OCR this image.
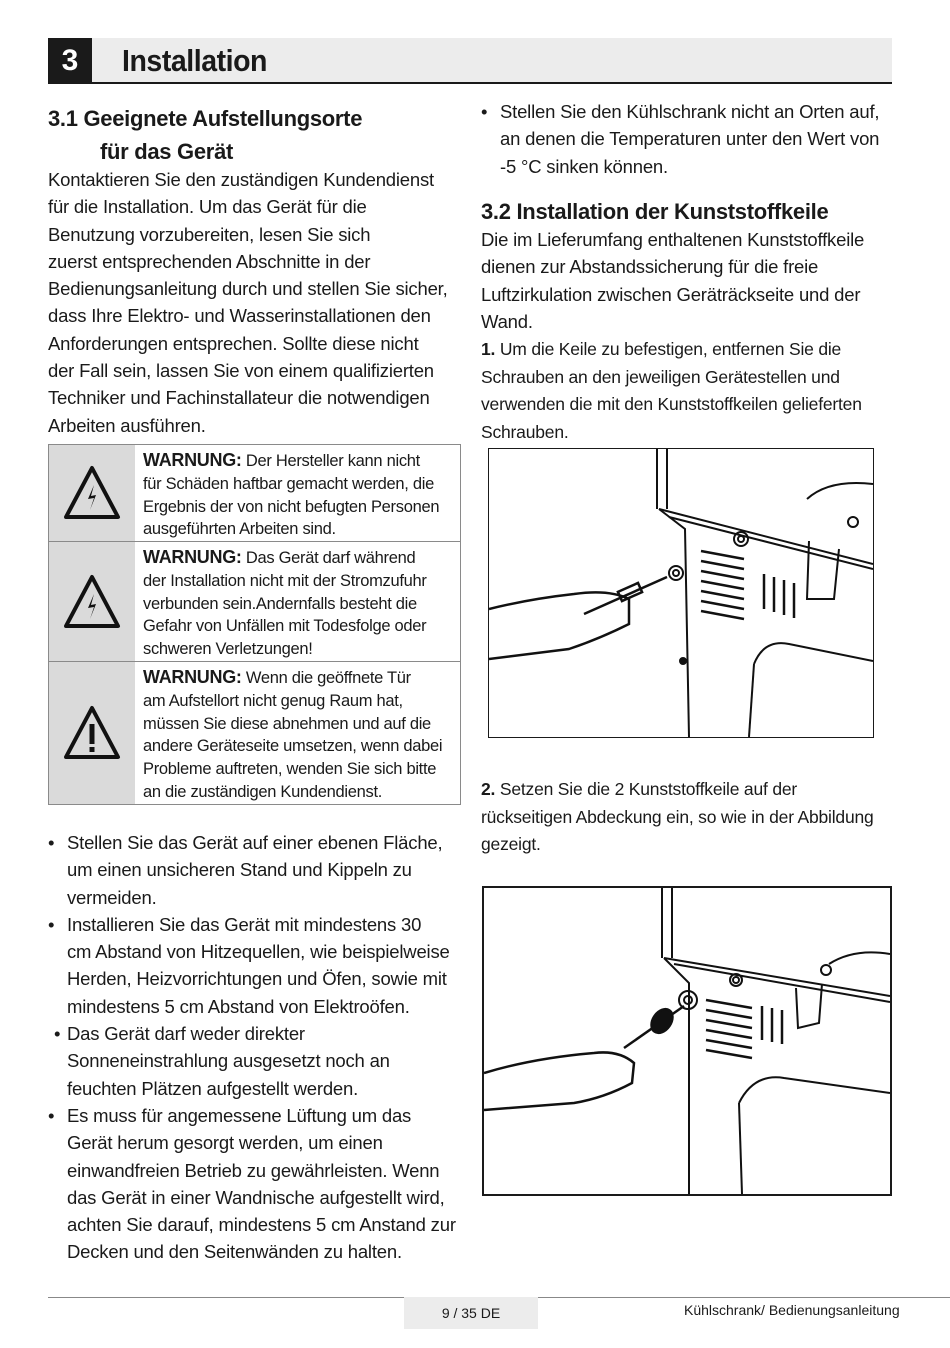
3	Installation
3.1 Geeignete Aufstellungsorte
für das Gerät
Kontaktieren Sie den zuständigen Kundendienst
für die Installation. Um das Gerät für die
Benutzung vorzubereiten, lesen Sie sich
zuerst entsprechenden Abschnitte in der
Bedienungsanleitung durch und stellen Sie sicher,
dass Ihre Elektro- und Wasserinstallationen den
Anforderungen entsprechen. Sollte diese nicht
der Fall sein, lassen Sie von einem qualifizierten
Techniker und Fachinstallateur die notwendigen
Arbeiten ausführen.
WARNUNG: Der Hersteller kann nicht
für Schäden haftbar gemacht werden, die
Ergebnis der von nicht befugten Personen
ausgeführten Arbeiten sind.
WARNUNG: Das Gerät darf während
der Installation nicht mit der Stromzufuhr
verbunden sein.Andernfalls besteht die
Gefahr von Unfällen mit Todesfolge oder
schweren Verletzungen!
WARNUNG: Wenn die geöffnete Tür
am Aufstellort nicht genug Raum hat,
müssen Sie diese abnehmen und auf die
andere Geräteseite umsetzen, wenn dabei
Probleme auftreten, wenden Sie sich bitte
an die zuständigen Kundendienst.
• Stellen Sie das Gerät auf einer ebenen Fläche,
um einen unsicheren Stand und Kippeln zu
vermeiden.
• Installieren Sie das Gerät mit mindestens 30
cm Abstand von Hitzequellen, wie beispielweise
Herden, Heizvorrichtungen und Öfen, sowie mit
mindestens 5 cm Abstand von Elektroöfen.
• Das Gerät darf weder direkter
Sonneneinstrahlung ausgesetzt noch an
feuchten Plätzen aufgestellt werden.
• Es muss für angemessene Lüftung um das
Gerät herum gesorgt werden, um einen
einwandfreien Betrieb zu gewährleisten. Wenn
das Gerät in einer Wandnische aufgestellt wird,
achten Sie darauf, mindestens 5 cm Anstand zur
Decken und den Seitenwänden zu halten.
• Stellen Sie den Kühlschrank nicht an Orten auf,
an denen die Temperaturen unter den Wert von
-5 °C sinken können.
3.2 Installation der Kunststoffkeile
Die im Lieferumfang enthaltenen Kunststoffkeile
dienen zur Abstandssicherung für die freie
Luftzirkulation zwischen Geräträckseite und der
Wand.
1. Um die Keile zu befestigen, entfernen Sie die
Schrauben an den jeweiligen Gerätestellen und
verwenden die mit den Kunststoffkeilen gelieferten
Schrauben.
2. Setzen Sie die 2 Kunststoffkeile auf der
rückseitigen Abdeckung ein, so wie in der Abbildung
gezeigt.
9 / 35 DE	Kühlschrank/ Bedienungsanleitung
